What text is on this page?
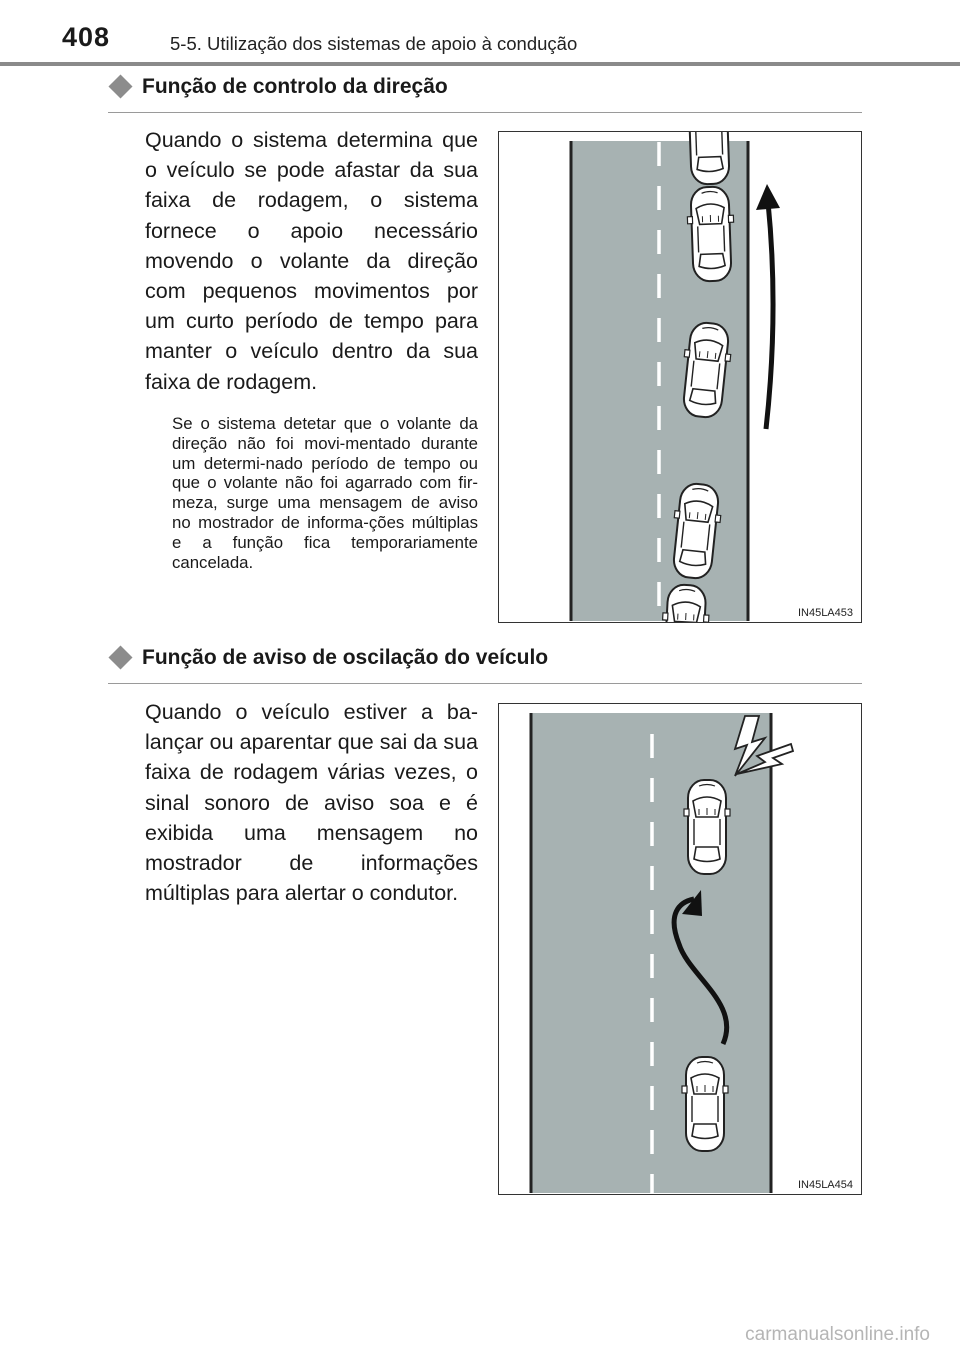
408	5-5. Utilização dos sistemas de apoio à condução
Função de controlo da direção
Quando o sistema determina que o veículo se pode afastar da sua faixa de rodagem, o sistema fornece o apoio necessário movendo o volante da direção com pequenos movimentos por um curto período de tempo para manter o veículo dentro da sua faixa de rodagem.
Se o sistema detetar que o volante da direção não foi movi-mentado durante um determi-nado período de tempo ou que o volante não foi agarrado com fir-meza, surge uma mensagem de aviso no mostrador de informa-ções múltiplas e a função fica temporariamente cancelada.
IN45LA453
Função de aviso de oscilação do veículo
Quando o veículo estiver a ba-lançar ou aparentar que sai da sua faixa de rodagem várias vezes, o sinal sonoro de aviso soa e é exibida uma mensagem no mostrador de informações múltiplas para alertar o condutor.
IN45LA454
carmanualsonline.info
